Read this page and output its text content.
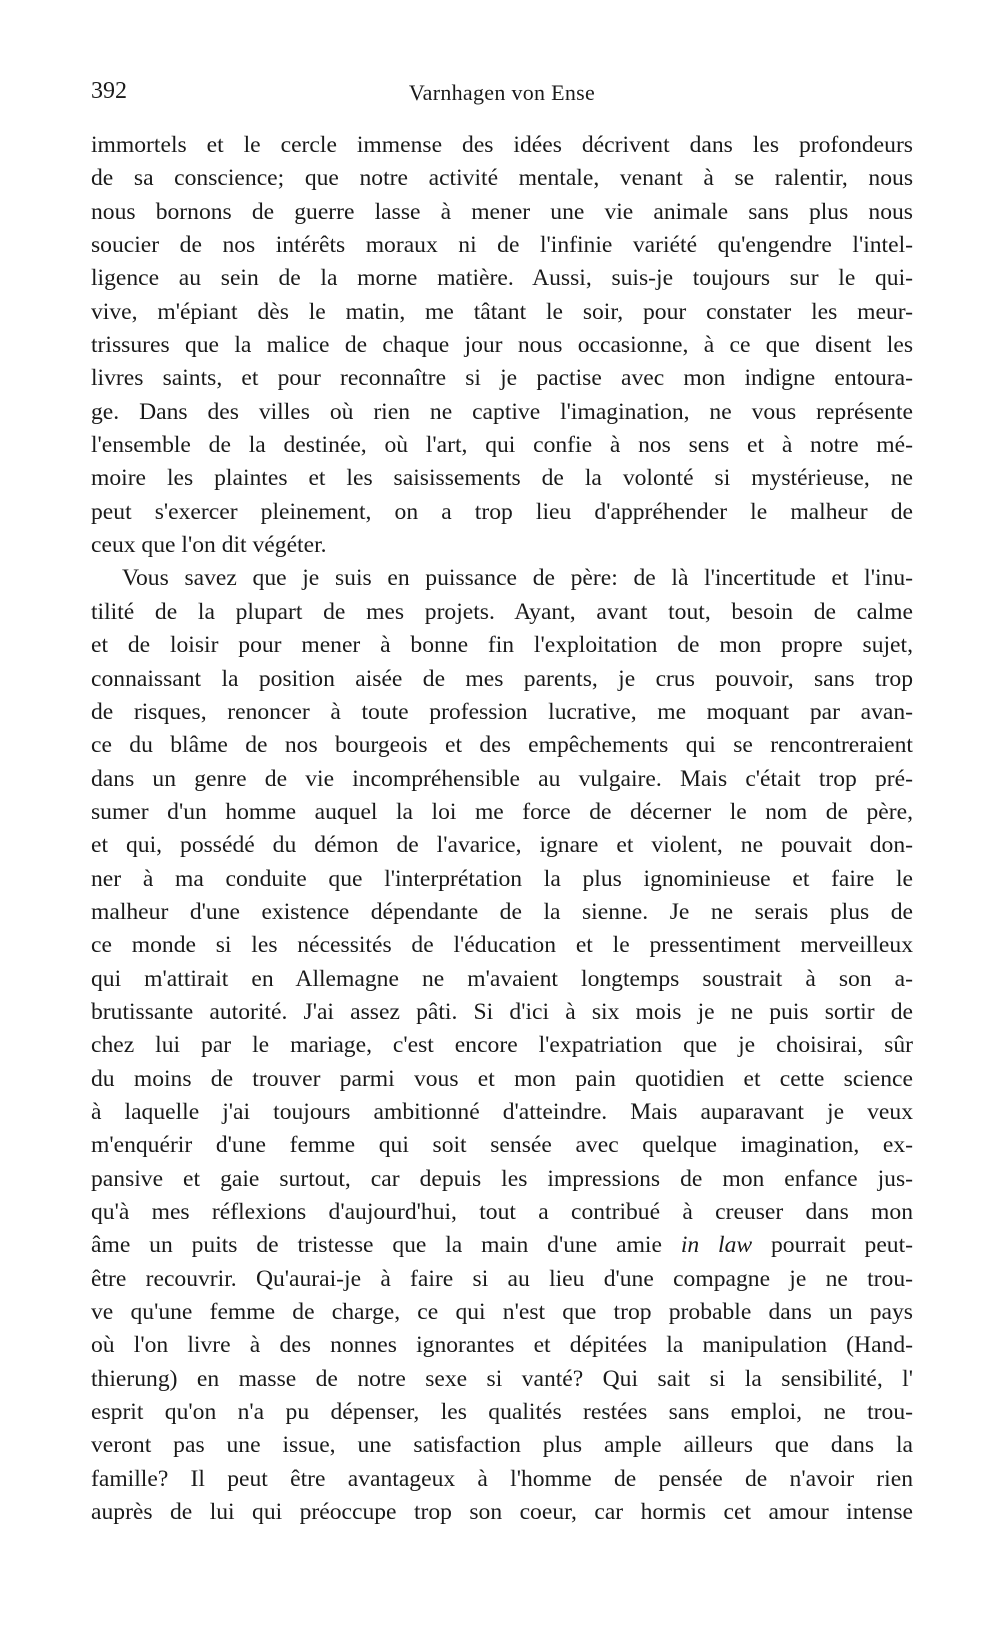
392	Varnhagen von Ense
immortels et le cercle immense des idées décrivent dans les profondeurs
de sa conscience; que notre activité mentale, venant à se ralentir, nous
nous bornons de guerre lasse à mener une vie animale sans plus nous
soucier de nos intérêts moraux ni de l'infinie variété qu'engendre l'intel-
ligence au sein de la morne matière. Aussi, suis-je toujours sur le qui-
vive, m'épiant dès le matin, me tâtant le soir, pour constater les meur-
trissures que la malice de chaque jour nous occasionne, à ce que disent les
livres saints, et pour reconnaître si je pactise avec mon indigne entoura-
ge. Dans des villes où rien ne captive l'imagination, ne vous représente
l'ensemble de la destinée, où l'art, qui confie à nos sens et à notre mé-
moire les plaintes et les saisissements de la volonté si mystérieuse, ne
peut s'exercer pleinement, on a trop lieu d'appréhender le malheur de
ceux que l'on dit végéter.
Vous savez que je suis en puissance de père: de là l'incertitude et l'inu-
tilité de la plupart de mes projets. Ayant, avant tout, besoin de calme
et de loisir pour mener à bonne fin l'exploitation de mon propre sujet,
connaissant la position aisée de mes parents, je crus pouvoir, sans trop
de risques, renoncer à toute profession lucrative, me moquant par avan-
ce du blâme de nos bourgeois et des empêchements qui se rencontreraient
dans un genre de vie incompréhensible au vulgaire. Mais c'était trop pré-
sumer d'un homme auquel la loi me force de décerner le nom de père,
et qui, possédé du démon de l'avarice, ignare et violent, ne pouvait don-
ner à ma conduite que l'interprétation la plus ignominieuse et faire le
malheur d'une existence dépendante de la sienne. Je ne serais plus de
ce monde si les nécessités de l'éducation et le pressentiment merveilleux
qui m'attirait en Allemagne ne m'avaient longtemps soustrait à son a-
brutissante autorité. J'ai assez pâti. Si d'ici à six mois je ne puis sortir de
chez lui par le mariage, c'est encore l'expatriation que je choisirai, sûr
du moins de trouver parmi vous et mon pain quotidien et cette science
à laquelle j'ai toujours ambitionné d'atteindre. Mais auparavant je veux
m'enquérir d'une femme qui soit sensée avec quelque imagination, ex-
pansive et gaie surtout, car depuis les impressions de mon enfance jus-
qu'à mes réflexions d'aujourd'hui, tout a contribué à creuser dans mon
âme un puits de tristesse que la main d'une amie in law pourrait peut-
être recouvrir. Qu'aurai-je à faire si au lieu d'une compagne je ne trou-
ve qu'une femme de charge, ce qui n'est que trop probable dans un pays
où l'on livre à des nonnes ignorantes et dépitées la manipulation (Hand-
thierung) en masse de notre sexe si vanté? Qui sait si la sensibilité, l'
esprit qu'on n'a pu dépenser, les qualités restées sans emploi, ne trou-
veront pas une issue, une satisfaction plus ample ailleurs que dans la
famille? Il peut être avantageux à l'homme de pensée de n'avoir rien
auprès de lui qui préoccupe trop son coeur, car hormis cet amour intense
